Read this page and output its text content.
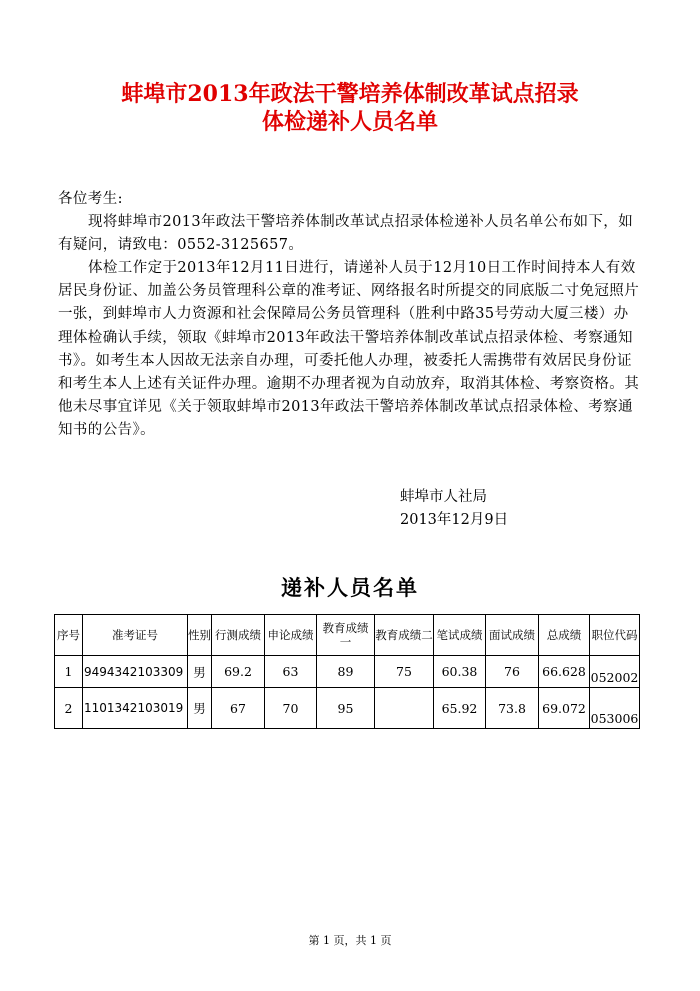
蚌埠市2013年政法干警培养体制改革试点招录
体检递补人员名单
各位考生:
现将蚌埠市2013年政法干警培养体制改革试点招录体检递补人员名单公布如下，如有疑问，请致电：0552-3125657。
体检工作定于2013年12月11日进行，请递补人员于12月10日工作时间持本人有效居民身份证、加盖公务员管理科公章的准考证、网络报名时所提交的同底版二寸免冠照片一张，到蚌埠市人力资源和社会保障局公务员管理科（胜利中路35号劳动大厦三楼）办理体检确认手续，领取《蚌埠市2013年政法干警培养体制改革试点招录体检、考察通知书》。如考生本人因故无法亲自办理，可委托他人办理，被委托人需携带有效居民身份证和考生本人上述有关证件办理。逾期不办理者视为自动放弃，取消其体检、考察资格。其他未尽事宜详见《关于领取蚌埠市2013年政法干警培养体制改革试点招录体检、考察通知书的公告》。
蚌埠市人社局
2013年12月9日
递补人员名单
序号	准考证号	性别	行测成绩	申论成绩	教育成绩一	教育成绩二	笔试成绩	面试成绩	总成绩	职位代码
1	9494342103309	男	69.2	63	89	75	60.38	76	66.628	052002
2	1101342103019	男	67	70	95		65.92	73.8	69.072	053006
第 1 页，共 1 页
